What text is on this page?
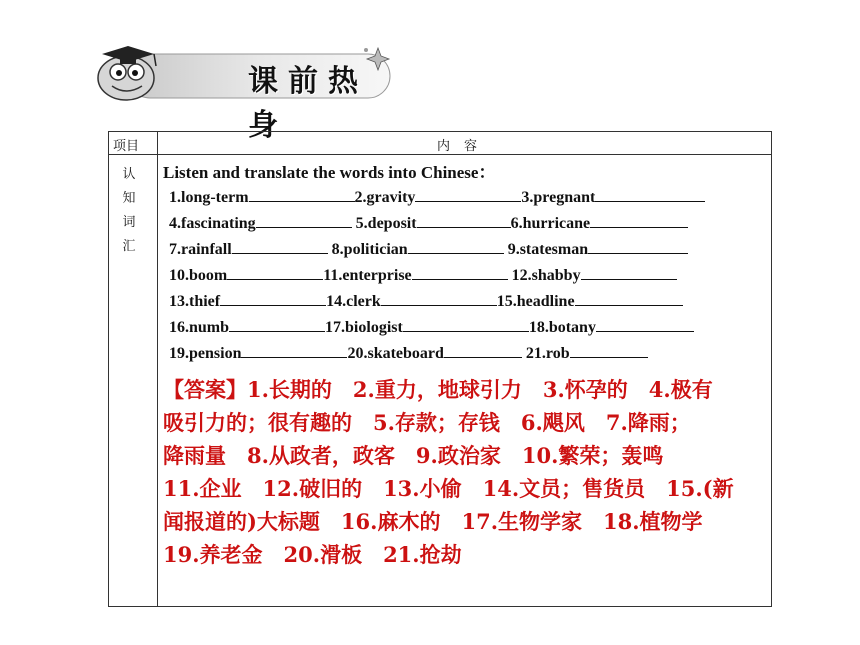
课前热身
项目	内容
认
知
词
汇
Listen and translate the words into Chinese：
1.long-term	2.gravity	3.pregnant
4.fascinating	5.deposit	6.hurricane
7.rainfall	8.politician	9.statesman
10.boom	11.enterprise	12.shabby
13.thief	14.clerk	15.headline
16.numb	17.biologist	18.botany
19.pension	20.skateboard	21.rob
【答案】1.长期的　2.重力，地球引力　3.怀孕的　4.极有
吸引力的；很有趣的　5.存款；存钱　6.飓风　7.降雨；
降雨量　8.从政者，政客　9.政治家　10.繁荣；轰鸣
11.企业　12.破旧的　13.小偷　14.文员；售货员　15.(新
闻报道的)大标题　16.麻木的　17.生物学家　18.植物学
19.养老金　20.滑板　21.抢劫
